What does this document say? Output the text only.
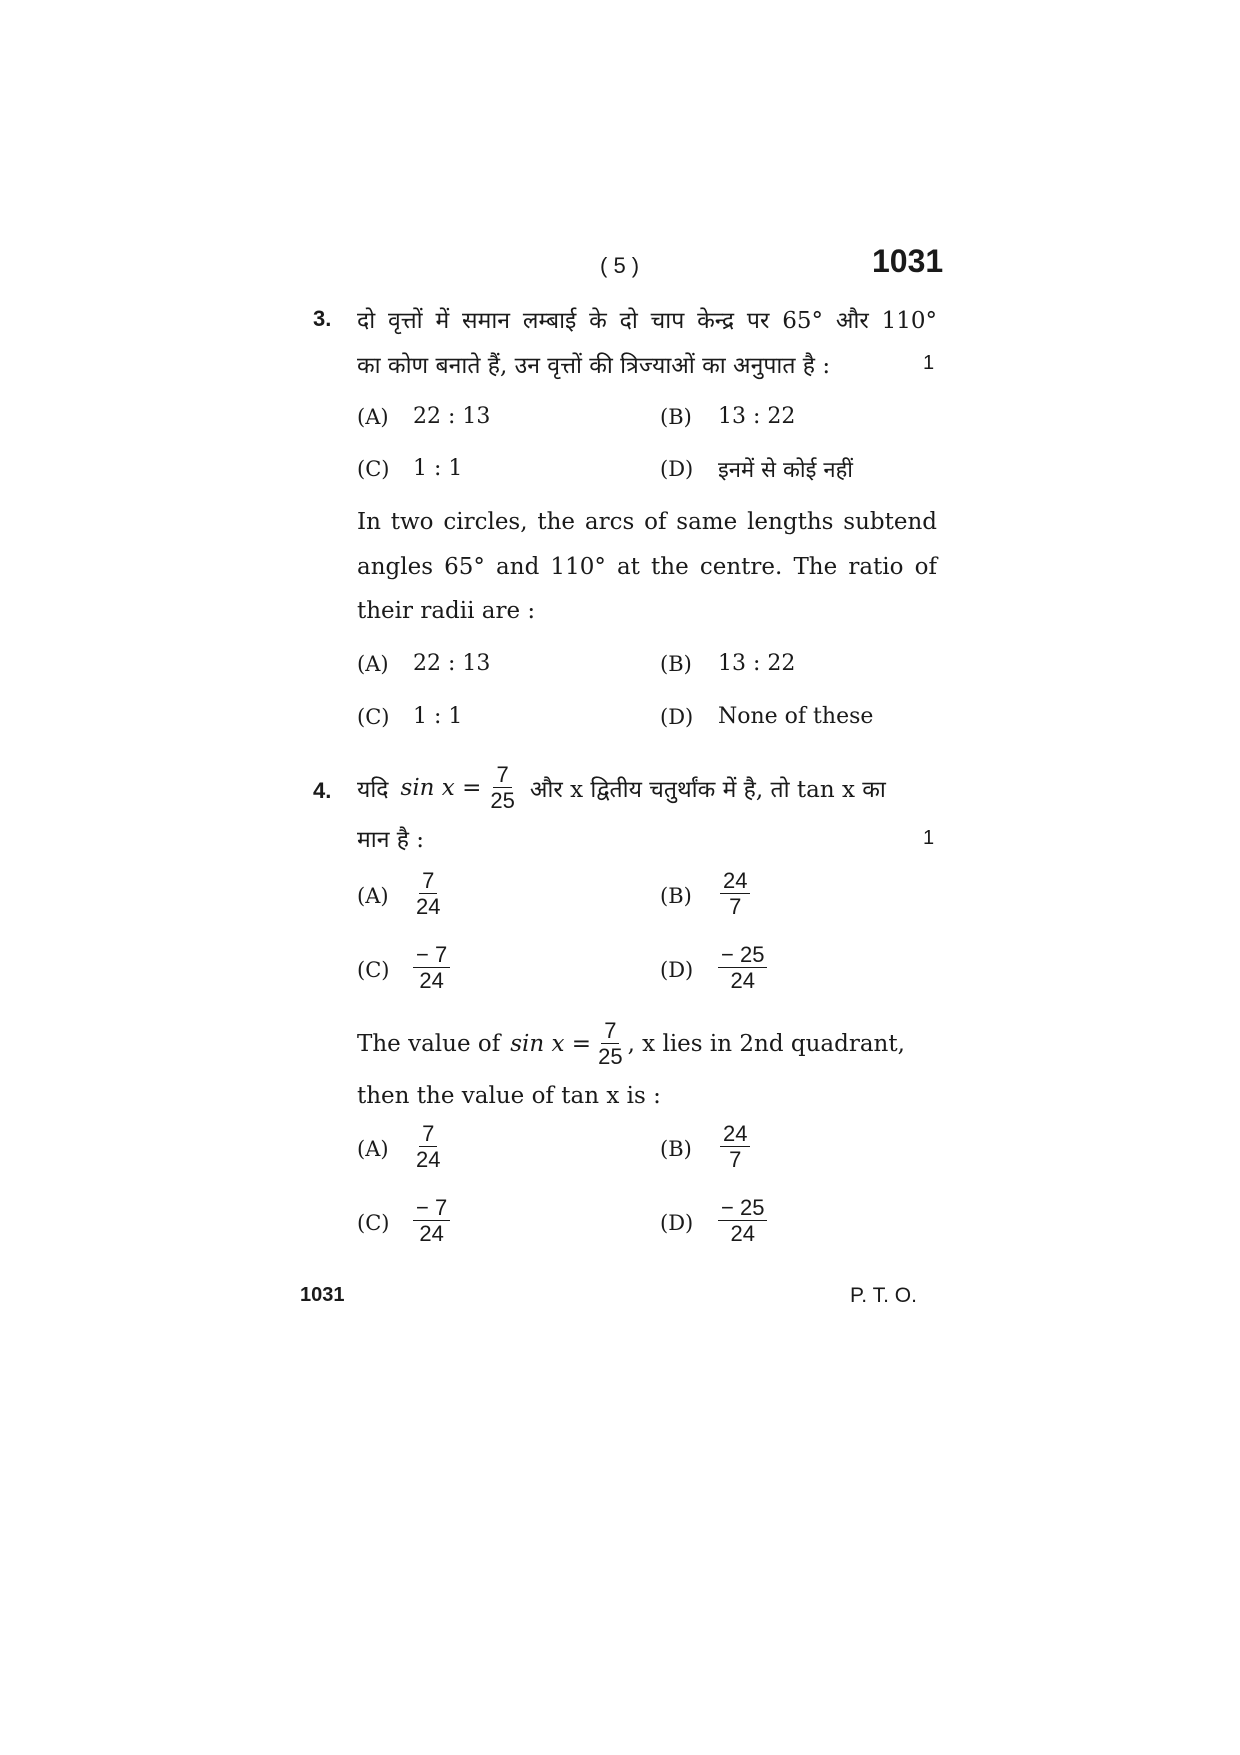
( 5 )	1031
3. दो वृत्तों में समान लम्बाई के दो चाप केन्द्र पर 65° और 110°
का कोण बनाते हैं, उन वृत्तों की त्रिज्याओं का अनुपात है :	1
(A) 22 : 13	(B) 13 : 22
(C) 1 : 1	(D) इनमें से कोई नहीं
In two circles, the arcs of same lengths subtend
angles 65° and 110° at the centre. The ratio of
their radii are :
(A) 22 : 13	(B) 13 : 22
(C) 1 : 1	(D) None of these
4. यदि $\sin x = \frac{7}{25}$ और x द्वितीय चतुर्थांक में है, तो tan x का
मान है :	1
$(A) \frac{7}{24}$	$(B) \frac{24}{7}$
$(C) \frac{- 7}{24}$	$(D) \frac{- 25}{24}$
The value of $\sin x = \frac{7}{25}$ , x lies in 2nd quadrant,
then the value of tan x is :
$(A) \frac{7}{24}$	$(B) \frac{24}{7}$
$(C) \frac{- 7}{24}$	$(D) \frac{- 25}{24}$
1031	P. T. O.
